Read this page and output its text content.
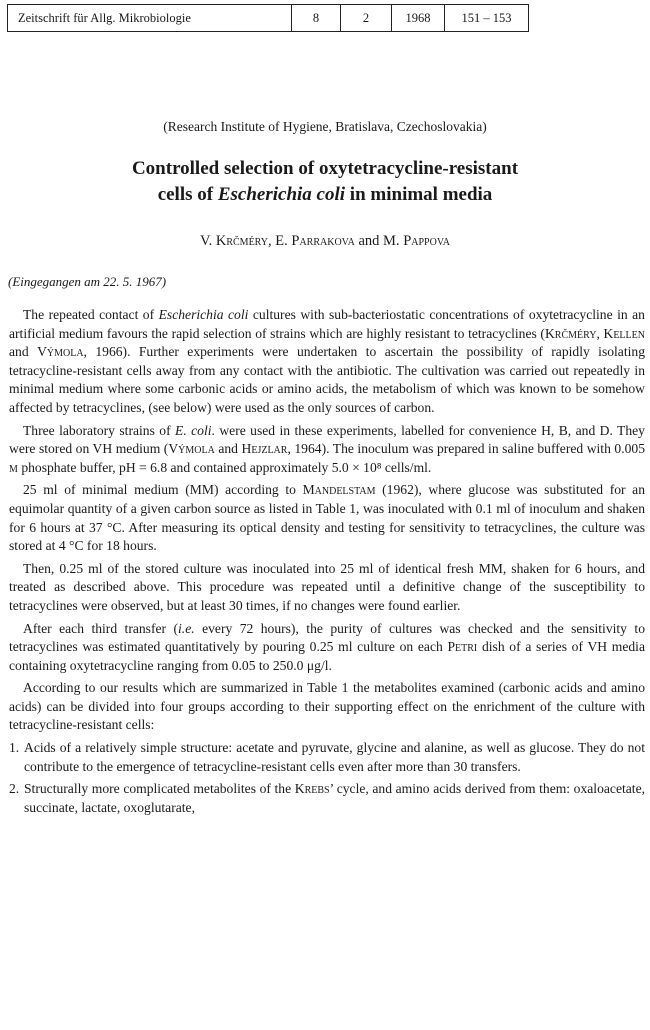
Zeitschrift für Allg. Mikrobiologie	8	2	1968	151 – 153
(Research Institute of Hygiene, Bratislava, Czechoslovakia)
Controlled selection of oxytetracycline-resistant
cells of Escherichia coli in minimal media
V. Krčméry, E. Parrakova and M. Pappova
(Eingegangen am 22. 5. 1967)

The repeated contact of Escherichia coli cultures with sub-bacteriostatic concentrations of oxytetracycline in an artificial medium favours the rapid selection of strains which are highly resistant to tetracyclines (Krčméry, Kellen and Výmola, 1966). Further experiments were undertaken to ascertain the possibility of rapidly isolating tetracycline-resistant cells away from any contact with the antibiotic. The cultivation was carried out repeatedly in minimal medium where some carbonic acids or amino acids, the metabolism of which was known to be somehow affected by tetracyclines, (see below) were used as the only sources of carbon.

Three laboratory strains of E. coli. were used in these experiments, labelled for convenience H, B, and D. They were stored on VH medium (Výmola and Hejzlar, 1964). The inoculum was prepared in saline buffered with 0.005 m phosphate buffer, pH = 6.8 and contained approximately 5.0 × 10⁸ cells/ml.

25 ml of minimal medium (MM) according to Mandelstam (1962), where glucose was substituted for an equimolar quantity of a given carbon source as listed in Table 1, was inoculated with 0.1 ml of inoculum and shaken for 6 hours at 37 °C. After measuring its optical density and testing for sensitivity to tetracyclines, the culture was stored at 4 °C for 18 hours.

Then, 0.25 ml of the stored culture was inoculated into 25 ml of identical fresh MM, shaken for 6 hours, and treated as described above. This procedure was repeated until a definitive change of the susceptibility to tetracyclines were observed, but at least 30 times, if no changes were found earlier.

After each third transfer (i.e. every 72 hours), the purity of cultures was checked and the sensitivity to tetracyclines was estimated quantitatively by pouring 0.25 ml culture on each Petri dish of a series of VH media containing oxytetracycline ranging from 0.05 to 250.0 μg/l.

According to our results which are summarized in Table 1 the metabolites examined (carbonic acids and amino acids) can be divided into four groups according to their supporting effect on the enrichment of the culture with tetracycline-resistant cells:

1. Acids of a relatively simple structure: acetate and pyruvate, glycine and alanine, as well as glucose. They do not contribute to the emergence of tetracycline-resistant cells even after more than 30 transfers.
2. Structurally more complicated metabolites of the Krebs’ cycle, and amino acids derived from them: oxaloacetate, succinate, lactate, oxoglutarate,
